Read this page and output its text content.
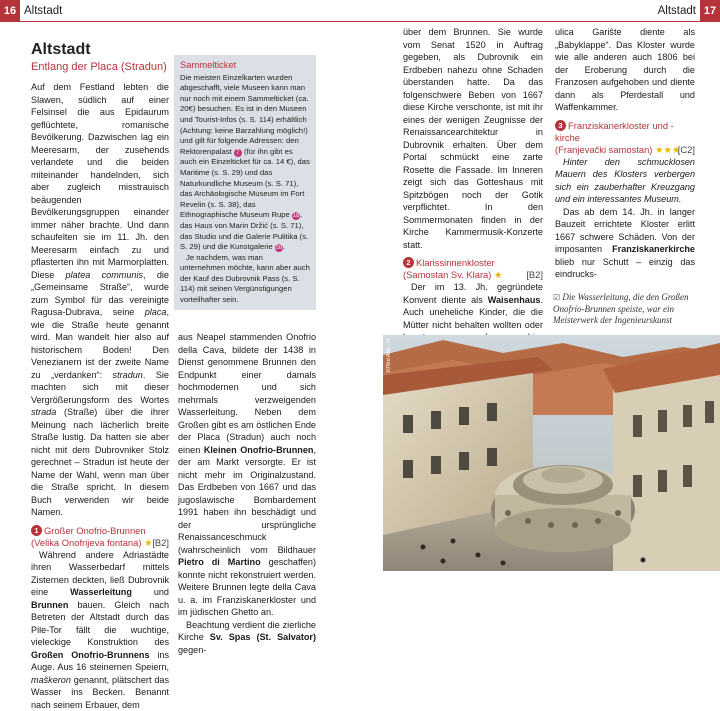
16 Altstadt	Altstadt 17
Altstadt
Entlang der Placa (Stradun)

Auf dem Festland lebten die Slawen, südlich auf einer Felsinsel die aus Epidaurum geflüchtete, romanische Bevölkerung. Dazwischen lag ein Meeresarm, der zusehends verlandete und die beiden miteinander handelnden, sich aber zugleich misstrauisch beäugenden Bevölkerungsgruppen einander immer näher brachte. Und dann schaufelten sie im 11. Jh. den Meeresarm einfach zu und pflasterten ihn mit Marmorplatten. Diese platea communis, die „Gemeinsame Straße“, wurde zum Symbol für das vereinigte Ragusa-Dubrava, seine placa, wie die Straße heute genannt wird. Man wandelt hier also auf historischem Boden! Den Venezianern ist der zweite Name zu „verdanken“: stradun. Sie machten sich mit dieser Vergrößerungsform des Wortes strada (Straße) über die ihrer Meinung nach lächerlich breite Straße lustig. Da hatten sie aber nicht mit dem Dubrovniker Stolz gerechnet – Stradun ist heute der Name der Wahl, wenn man über die Straße spricht. In diesem Buch verwenden wir beide Namen.

1 Großer Onofrio-Brunnen
(Velika Onofrijeva fontana) ★ [B2]

Während andere Adriastädte ihren Wasserbedarf mittels Zisternen deckten, ließ Dubrovnik eine Wasserleitung und Brunnen bauen. Gleich nach Betreten der Altstadt durch das Pile-Tor fällt die wuchtige, vieleckige Konstruktion des Großen Onofrio-Brunnens ins Auge. Aus 16 steinernen Speiern, maškeron genannt, plätschert das Wasser ins Becken. Benannt nach seinem Erbauer, dem

Sammelticket

Die meisten Einzelkarten wurden abgeschafft, viele Museen kann man nur noch mit einem Sammelticket (ca. 20€) besuchen. Es ist in den Museen und Tourist-Infos (s. S. 114) erhältlich (Achtung: keine Barzahlung möglich!) und gilt für folgende Adressen: den Rektorenpalast 7 (für ihn gibt es auch ein Einzelticket für ca. 14 €), das Maritime (s. S. 29) und das Naturkundliche Museum (s. S. 71), das Archäologische Museum im Fort Revelin (s. S. 38), das Ethnographische Museum Rupe 18, das Haus von Marin Držić (s. S. 71), das Studio und die Galerie Pulitika (s. S. 29) und die Kunstgalerie 28.

Je nachdem, was man unternehmen möchte, kann aber auch der Kauf des Dubrovnik Pass (s. S. 114) mit seinen Vergünstigungen vorteilhafter sein.

aus Neapel stammenden Onofrio della Cava, bildete der 1438 in Dienst genommene Brunnen den Endpunkt einer damals hochmodernen und sich mehrmals verzweigenden Wasserleitung. Neben dem Großen gibt es am östlichen Ende der Placa (Stradun) auch noch einen Kleinen Onofrio-Brunnen, der am Markt versorgte. Er ist nicht mehr im Originalzustand. Das Erdbeben von 1667 und das jugoslawische Bombardement 1991 haben ihn beschädigt und der ursprüngliche Renaissanceschmuck (wahrscheinlich vom Bildhauer Pietro di Martino geschaffen) konnte nicht rekonstruiert werden. Weitere Brunnen legte della Cava u. a. im Franziskanerkloster und im jüdischen Ghetto an.

Beachtung verdient die zierliche Kirche Sv. Spas (St. Salvator) gegen-

über dem Brunnen. Sie wurde vom Senat 1520 in Auftrag gegeben, als Dubrovnik ein Erdbeben nahezu ohne Schaden überstanden hatte. Da das folgenschwere Beben von 1667 diese Kirche verschonte, ist mit ihr eines der wenigen Zeugnisse der Renaissancearchitektur in Dubrovnik erhalten. Über dem Portal schmückt eine zarte Rosette die Fassade. Im Inneren zeigt sich das Gotteshaus mit Spitzbögen noch der Gotik verpflichtet. In den Sommermonaten finden in der Kirche Kammermusik-Konzerte statt.

2 Klarissinnenkloster
(Samostan Sv. Klara) ★	[B2]

Der im 13. Jh. gegründete Konvent diente als Waisenhaus. Auch uneheliche Kinder, die die Mütter nicht behalten wollten oder

ulica Gariŝte diente als „Babyklappe“. Das Kloster wurde wie alle anderen auch 1806 bei der Eroberung durch die Franzosen aufgehoben und diente dann als Pferdestall und Waffenkammer.

3 Franziskanerkloster und -kirche
(Franjevački samostan) ★★★
[C2]

Hinter den schmucklosen Mauern des Klosters verbergen sich ein zauberhafter Kreuzgang und ein interessantes Museum.

Das ab dem 14. Jh. in langer Bauzeit errichtete Kloster erlitt 1667 schwere Schäden. Von der imposanten Franziskanerkirche blieb nur Schutt – einzig das eindrucks-

☑ Die Wasserleitung, die den Großen Onofrio-Brunnen speiste, war ein Meisterwerk der Ingenieurskunst
079rd Abb.: rs
